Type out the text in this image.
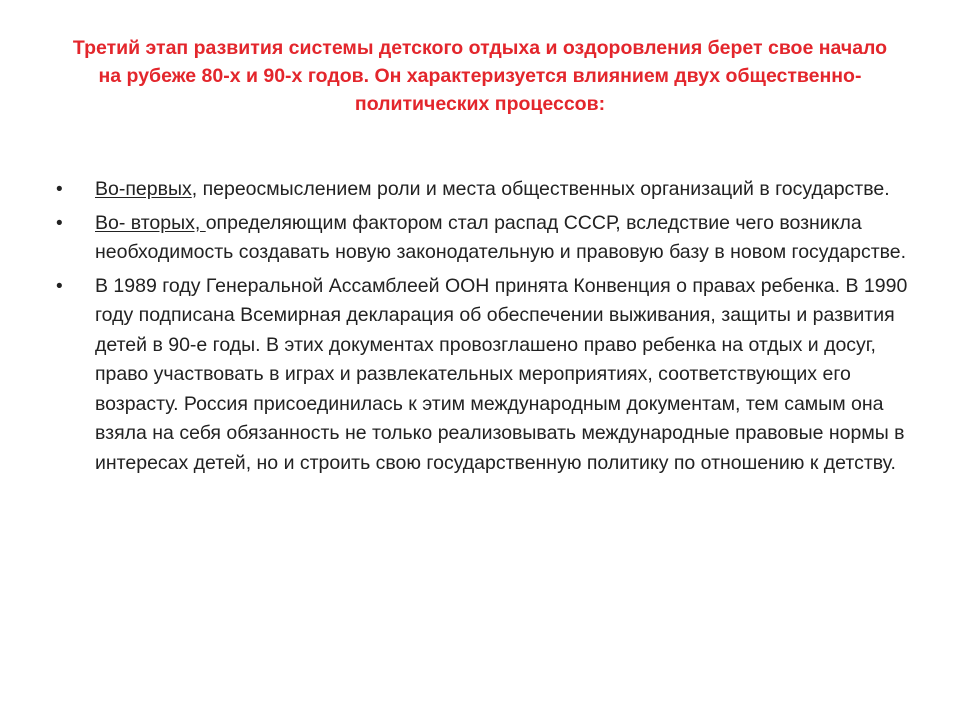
Третий этап развития системы детского отдыха и оздоровления берет свое начало на рубеже 80-х и 90-х годов. Он характеризуется влиянием двух общественно- политических процессов:
•	Во-первых, переосмыслением роли и места общественных организаций в государстве.
•	Во- вторых, определяющим фактором стал распад СССР, вследствие чего возникла необходимость создавать новую законодательную и правовую базу в новом государстве.
•	В 1989 году Генеральной Ассамблеей ООН принята Конвенция о правах ребенка. В 1990 году подписана Всемирная декларация об обеспечении выживания, защиты и развития детей в 90-е годы. В этих документах провозглашено право ребенка на отдых и досуг, право участвовать в играх и развлекательных мероприятиях, соответствующих его возрасту. Россия присоединилась к этим международным документам, тем самым она взяла на себя обязанность не только реализовывать международные правовые нормы в интересах детей, но и строить свою государственную политику по отношению к детству.
